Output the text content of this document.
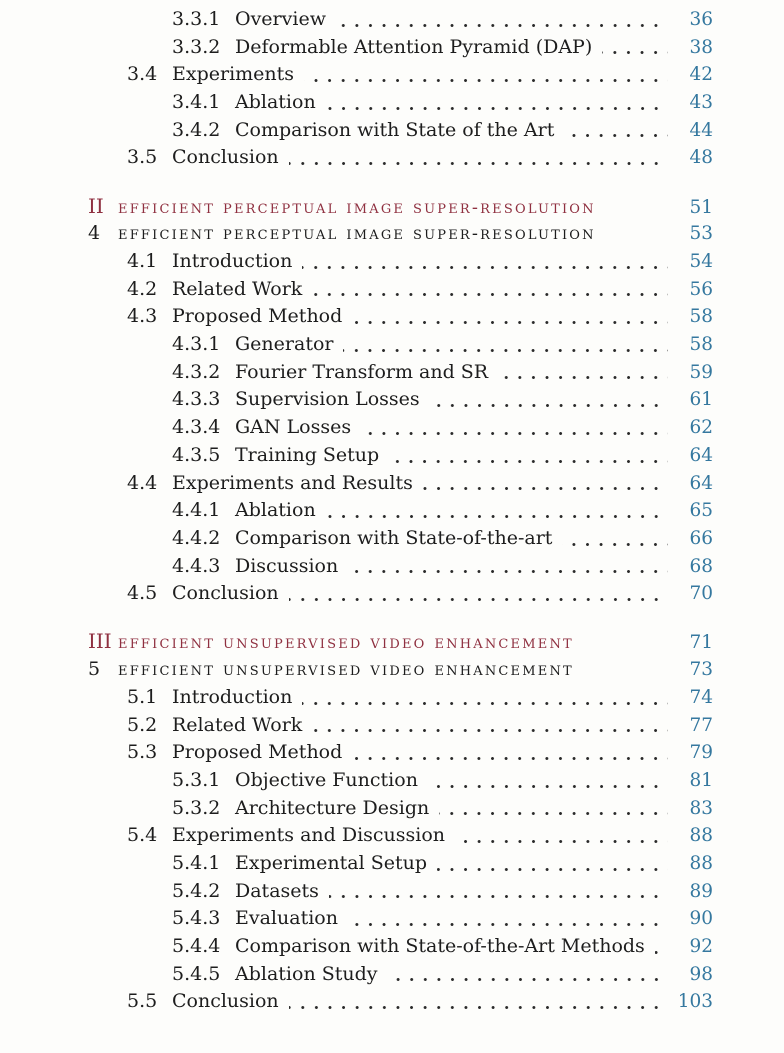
3.3.1 Overview	36
3.3.2 Deformable Attention Pyramid (DAP)	38
3.4 Experiments	42
3.4.1 Ablation	43
3.4.2 Comparison with State of the Art	44
3.5 Conclusion	48
II efficient perceptual image super-resolution	51
4 efficient perceptual image super-resolution	53
4.1 Introduction	54
4.2 Related Work	56
4.3 Proposed Method	58
4.3.1 Generator	58
4.3.2 Fourier Transform and SR	59
4.3.3 Supervision Losses	61
4.3.4 GAN Losses	62
4.3.5 Training Setup	64
4.4 Experiments and Results	64
4.4.1 Ablation	65
4.4.2 Comparison with State-of-the-art	66
4.4.3 Discussion	68
4.5 Conclusion	70
III efficient unsupervised video enhancement	71
5 efficient unsupervised video enhancement	73
5.1 Introduction	74
5.2 Related Work	77
5.3 Proposed Method	79
5.3.1 Objective Function	81
5.3.2 Architecture Design	83
5.4 Experiments and Discussion	88
5.4.1 Experimental Setup	88
5.4.2 Datasets	89
5.4.3 Evaluation	90
5.4.4 Comparison with State-of-the-Art Methods	92
5.4.5 Ablation Study	98
5.5 Conclusion	103
